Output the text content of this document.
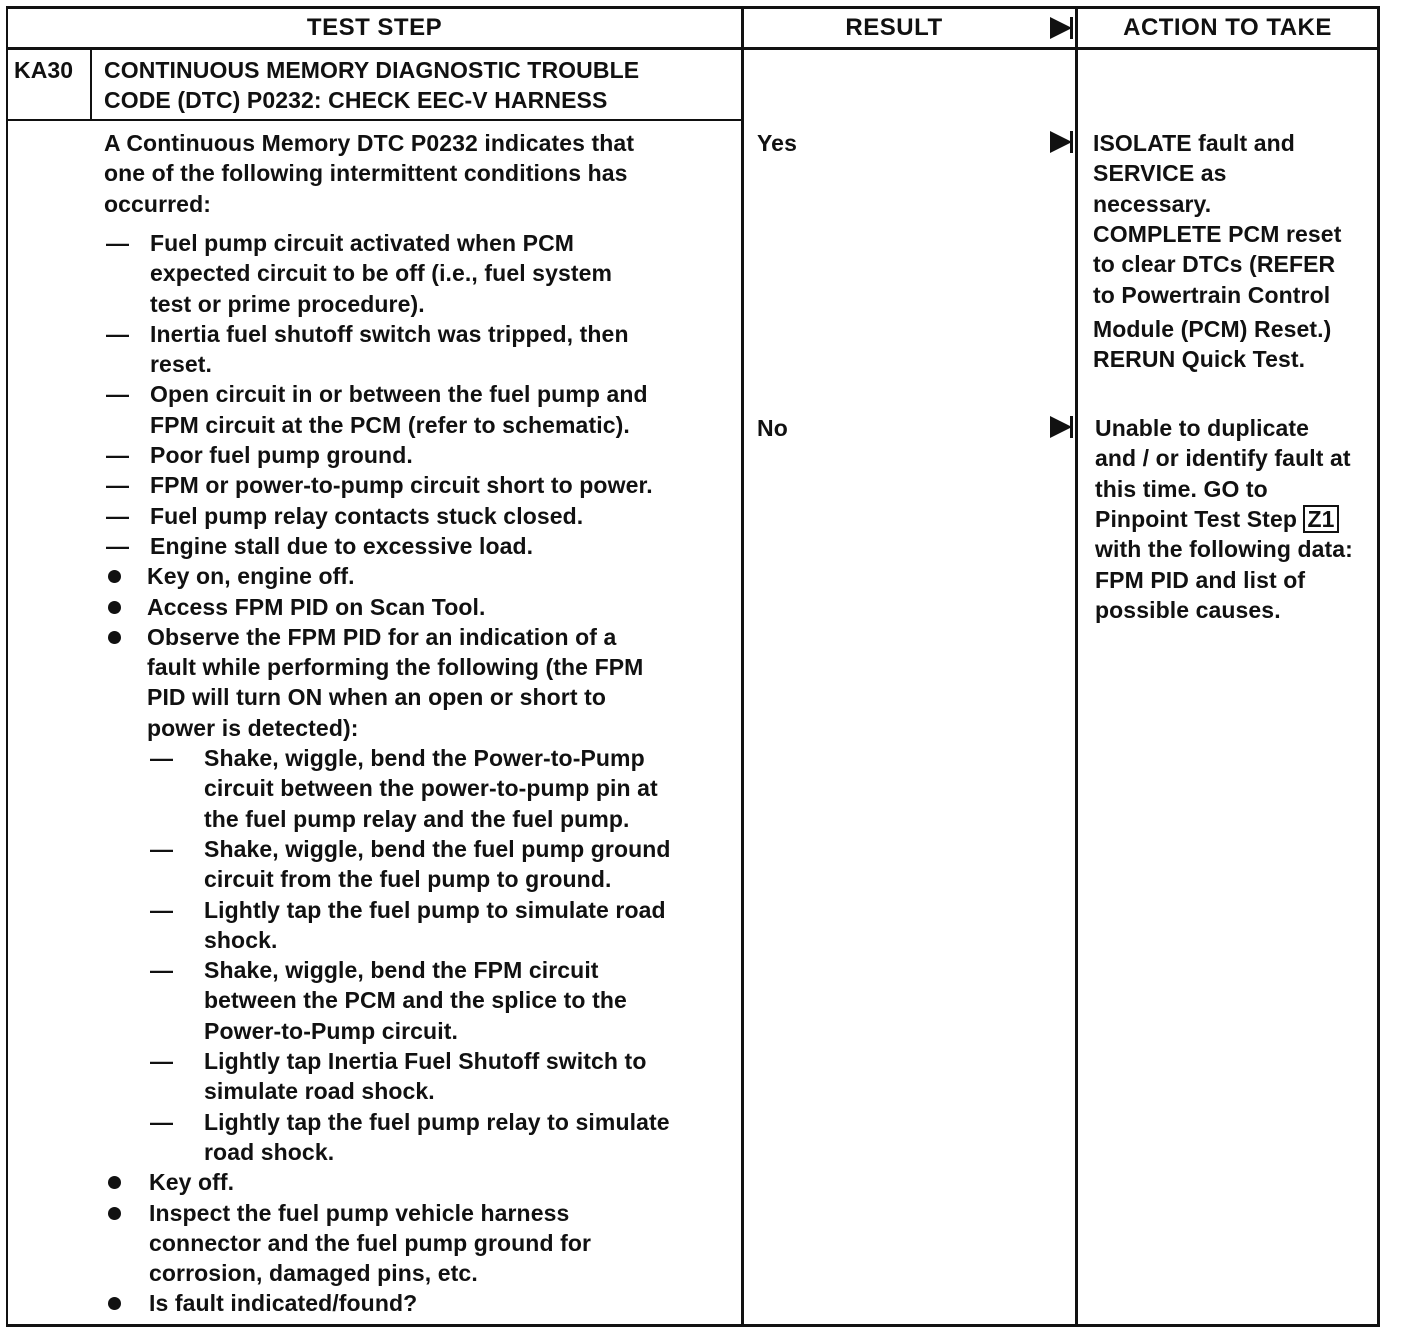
TEST STEP	RESULT	ACTION TO TAKE
KA30 CONTINUOUS MEMORY DIAGNOSTIC TROUBLE
CODE (DTC) P0232: CHECK EEC-V HARNESS
A Continuous Memory DTC P0232 indicates that
one of the following intermittent conditions has
occurred:
— Fuel pump circuit activated when PCM
expected circuit to be off (i.e., fuel system
test or prime procedure).
— Inertia fuel shutoff switch was tripped, then
reset.
— Open circuit in or between the fuel pump and
FPM circuit at the PCM (refer to schematic).
— Poor fuel pump ground.
— FPM or power-to-pump circuit short to power.
— Fuel pump relay contacts stuck closed.
— Engine stall due to excessive load.
Key on, engine off.
Access FPM PID on Scan Tool.
Observe the FPM PID for an indication of a
fault while performing the following (the FPM
PID will turn ON when an open or short to
power is detected):
— Shake, wiggle, bend the Power-to-Pump
circuit between the power-to-pump pin at
the fuel pump relay and the fuel pump.
— Shake, wiggle, bend the fuel pump ground
circuit from the fuel pump to ground.
— Lightly tap the fuel pump to simulate road
shock.
— Shake, wiggle, bend the FPM circuit
between the PCM and the splice to the
Power-to-Pump circuit.
— Lightly tap Inertia Fuel Shutoff switch to
simulate road shock.
— Lightly tap the fuel pump relay to simulate
road shock.
Key off.
Inspect the fuel pump vehicle harness
connector and the fuel pump ground for
corrosion, damaged pins, etc.
Is fault indicated/found?
Yes
No
ISOLATE fault and
SERVICE as
necessary.
COMPLETE PCM reset
to clear DTCs (REFER
to Powertrain Control
Module (PCM) Reset.)
RERUN Quick Test.
Unable to duplicate
and / or identify fault at
this time. GO to
Pinpoint Test Step Z1
with the following data:
FPM PID and list of
possible causes.
